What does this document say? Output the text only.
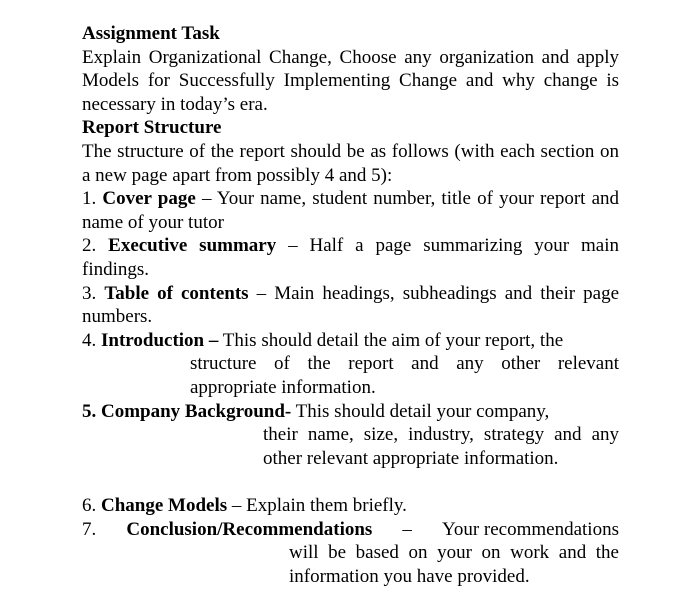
Assignment Task

Explain Organizational Change, Choose any organization and apply Models for Successfully Implementing Change and why change is necessary in today’s era.

Report Structure

The structure of the report should be as follows (with each section on a new page apart from possibly 4 and 5):

1. Cover page – Your name, student number, title of your report and name of your tutor
2. Executive summary – Half a page summarizing your main findings.
3. Table of contents – Main headings, subheadings and their page numbers.
4. Introduction – This should detail the aim of your report, the
structure of the report and any other relevant appropriate information.
5. Company Background- This should detail your company,
their name, size, industry, strategy and any other relevant appropriate information.
6. Change Models – Explain them briefly.
7. Conclusion/Recommendations – Your recommendations
will be based on your on work and the information you have provided.
